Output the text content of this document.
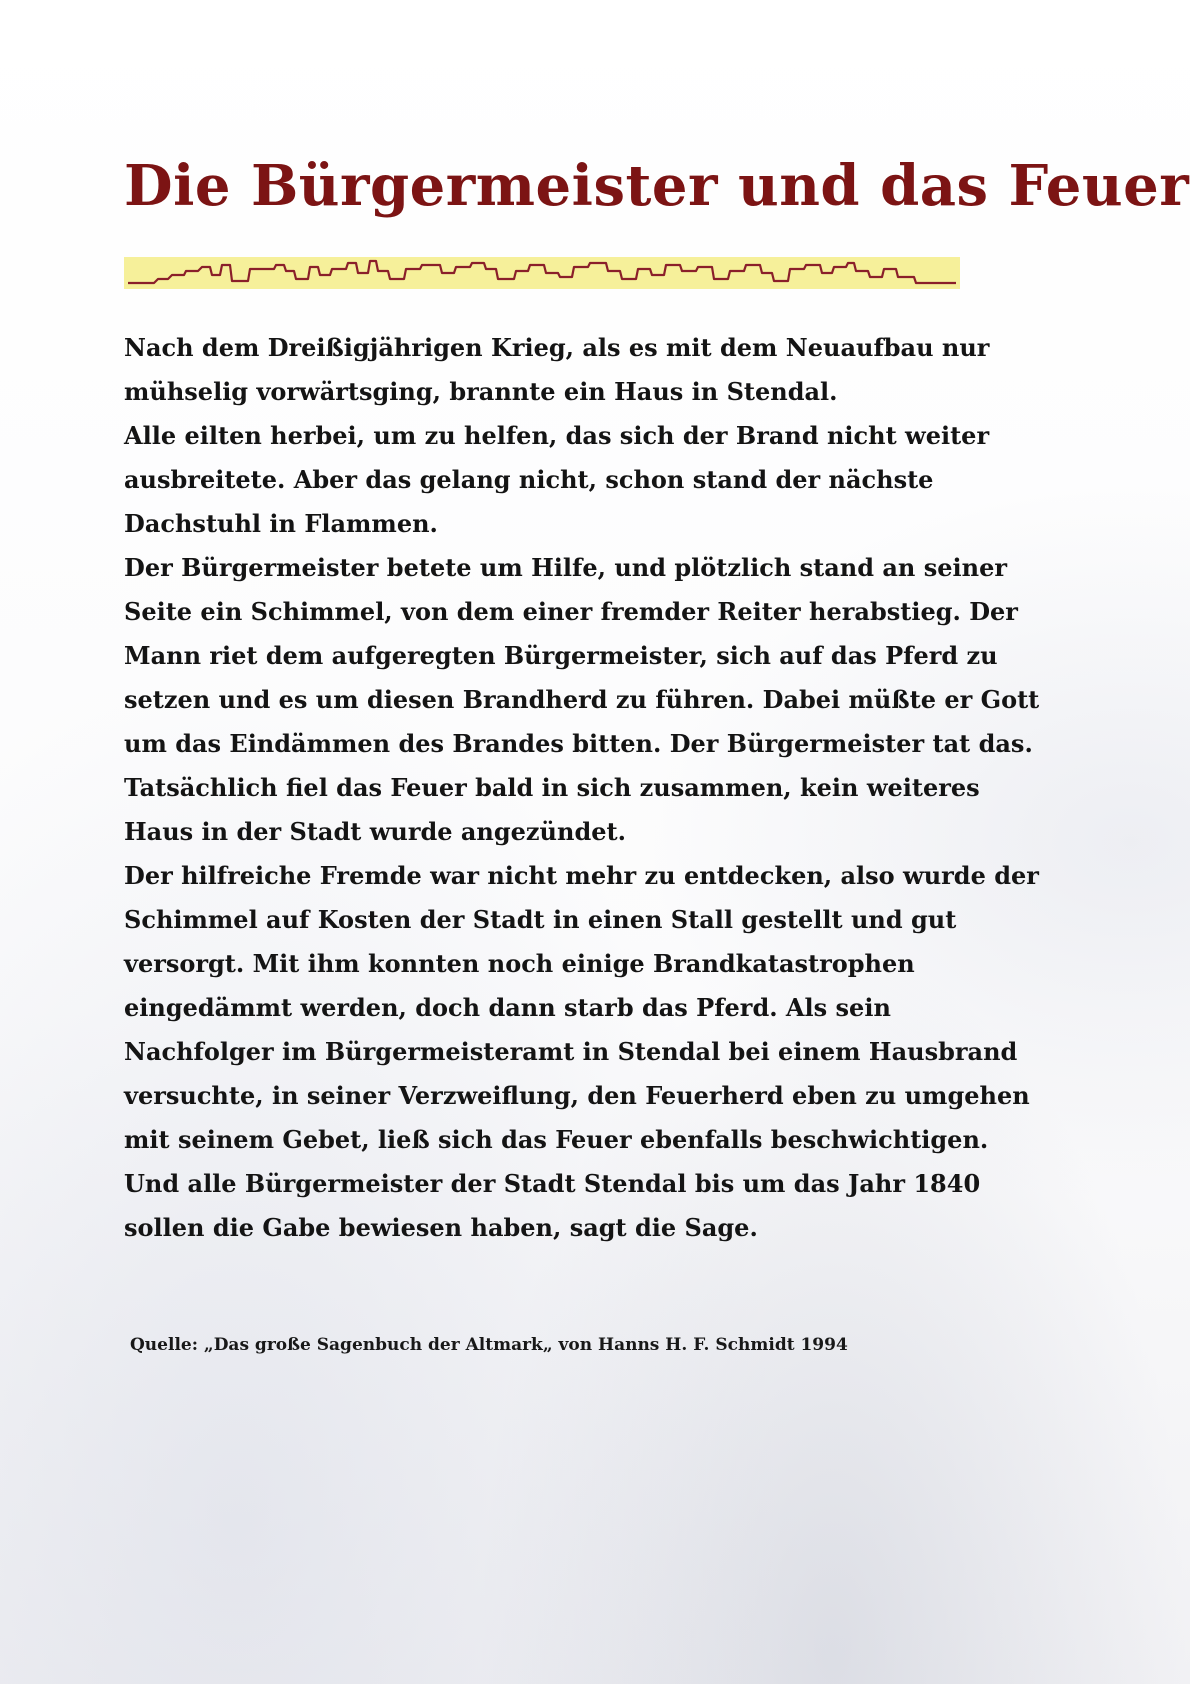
Die Bürgermeister und das Feuer

Nach dem Dreißigjährigen Krieg, als es mit dem Neuaufbau nur mühselig vorwärtsging, brannte ein Haus in Stendal.

Alle eilten herbei, um zu helfen, das sich der Brand nicht weiter ausbreitete. Aber das gelang nicht, schon stand der nächste Dachstuhl in Flammen.

Der Bürgermeister betete um Hilfe, und plötzlich stand an seiner Seite ein Schimmel, von dem einer fremder Reiter herabstieg. Der Mann riet dem aufgeregten Bürgermeister, sich auf das Pferd zu setzen und es um diesen Brandherd zu führen. Dabei müßte er Gott um das Eindämmen des Brandes bitten. Der Bürgermeister tat das. Tatsächlich fiel das Feuer bald in sich zusammen, kein weiteres Haus in der Stadt wurde angezündet.

Der hilfreiche Fremde war nicht mehr zu entdecken, also wurde der Schimmel auf Kosten der Stadt in einen Stall gestellt und gut versorgt. Mit ihm konnten noch einige Brandkatastrophen eingedämmt werden, doch dann starb das Pferd. Als sein Nachfolger im Bürgermeisteramt in Stendal bei einem Hausbrand versuchte, in seiner Verzweiflung, den Feuerherd eben zu umgehen mit seinem Gebet, ließ sich das Feuer ebenfalls beschwichtigen.

Und alle Bürgermeister der Stadt Stendal bis um das Jahr 1840 sollen die Gabe bewiesen haben, sagt die Sage.

Quelle: „Das große Sagenbuch der Altmark„ von Hanns H. F. Schmidt 1994
